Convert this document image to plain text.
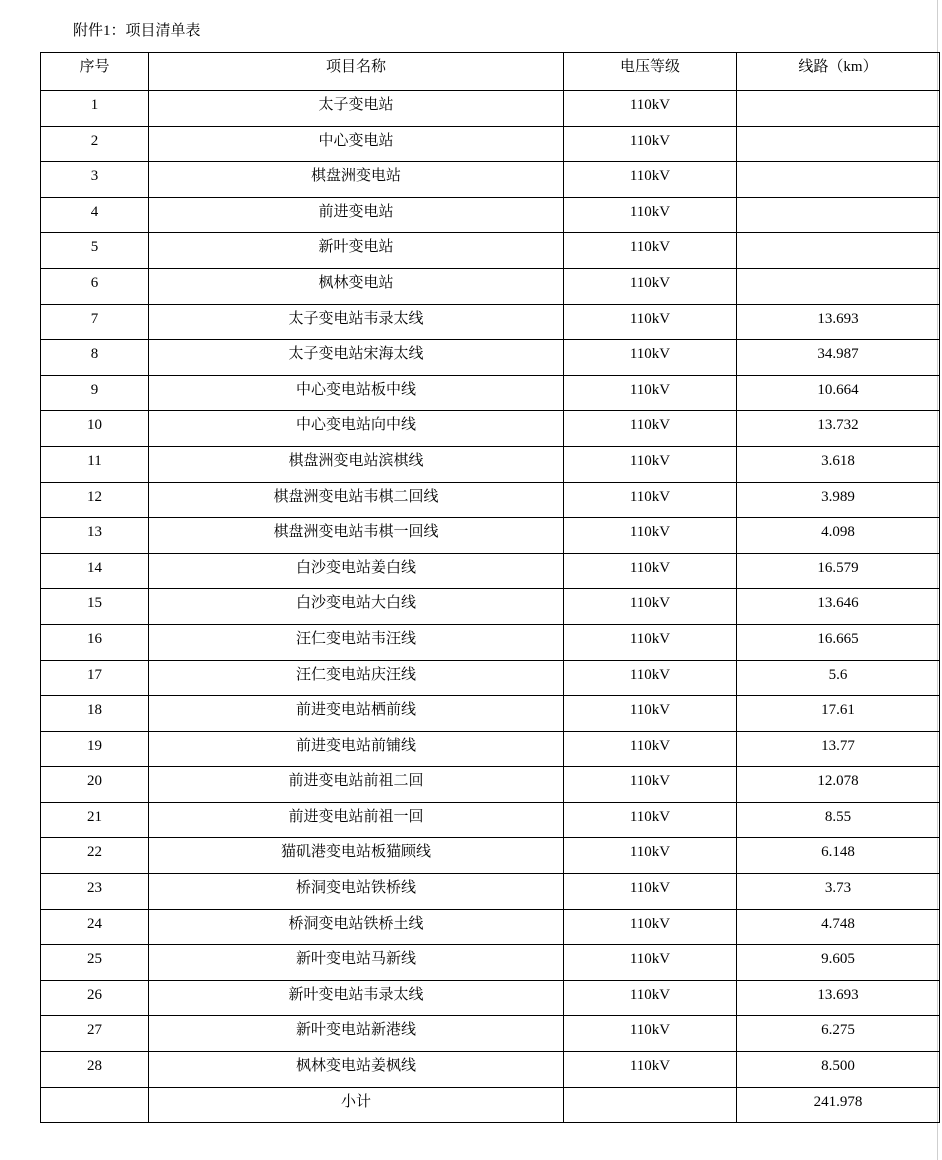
附件1：项目清单表
序号	项目名称	电压等级	线路（km）
1	太子变电站	110kV	
2	中心变电站	110kV	
3	棋盘洲变电站	110kV	
4	前进变电站	110kV	
5	新叶变电站	110kV	
6	枫林变电站	110kV	
7	太子变电站韦录太线	110kV	13.693
8	太子变电站宋海太线	110kV	34.987
9	中心变电站板中线	110kV	10.664
10	中心变电站向中线	110kV	13.732
11	棋盘洲变电站滨棋线	110kV	3.618
12	棋盘洲变电站韦棋二回线	110kV	3.989
13	棋盘洲变电站韦棋一回线	110kV	4.098
14	白沙变电站姜白线	110kV	16.579
15	白沙变电站大白线	110kV	13.646
16	汪仁变电站韦汪线	110kV	16.665
17	汪仁变电站庆汪线	110kV	5.6
18	前进变电站栖前线	110kV	17.61
19	前进变电站前铺线	110kV	13.77
20	前进变电站前祖二回	110kV	12.078
21	前进变电站前祖一回	110kV	8.55
22	猫矶港变电站板猫顾线	110kV	6.148
23	桥洞变电站铁桥线	110kV	3.73
24	桥洞变电站铁桥土线	110kV	4.748
25	新叶变电站马新线	110kV	9.605
26	新叶变电站韦录太线	110kV	13.693
27	新叶变电站新港线	110kV	6.275
28	枫林变电站姜枫线	110kV	8.500
	小计		241.978
